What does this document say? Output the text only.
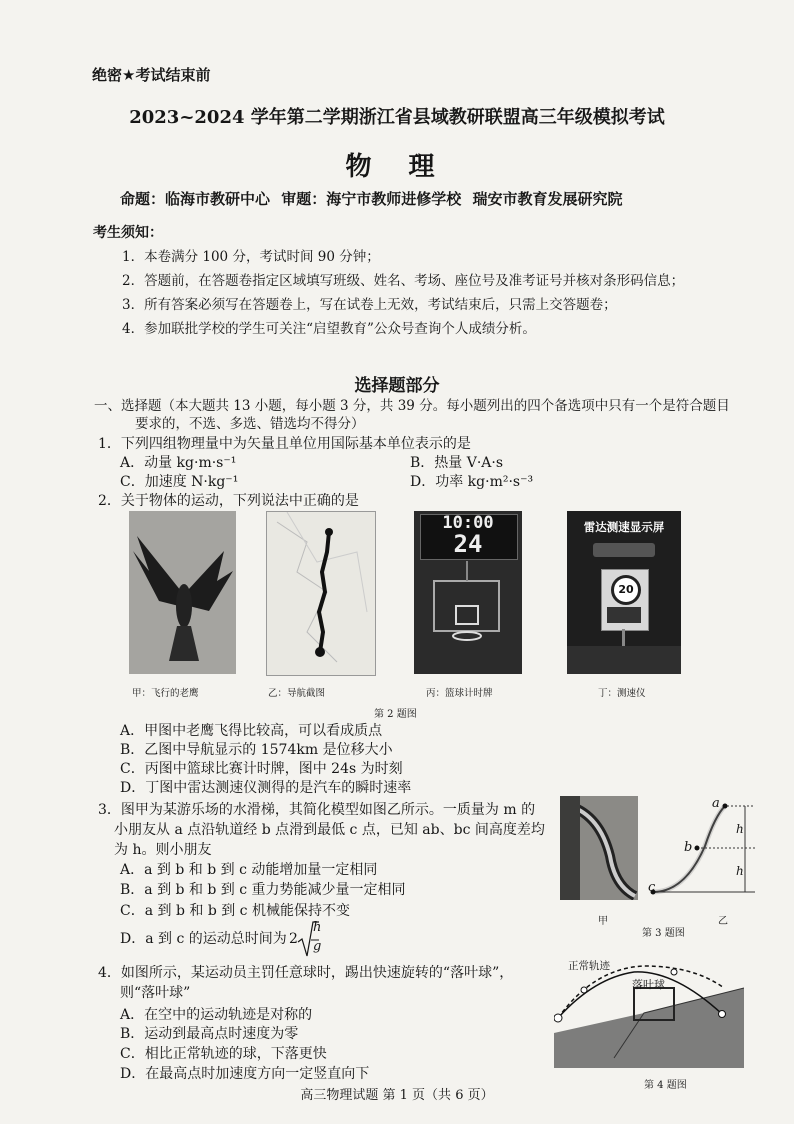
绝密★考试结束前
2023~2024 学年第二学期浙江省县域教研联盟高三年级模拟考试
物 理
命题：临海市教研中心 审题：海宁市教师进修学校 瑞安市教育发展研究院
考生须知：
1．本卷满分 100 分，考试时间 90 分钟；
2．答题前，在答题卷指定区域填写班级、姓名、考场、座位号及准考证号并核对条形码信息；
3．所有答案必须写在答题卷上，写在试卷上无效，考试结束后，只需上交答题卷；
4．参加联批学校的学生可关注“启望教育”公众号查询个人成绩分析。
选择题部分
一、选择题（本大题共 13 小题，每小题 3 分，共 39 分。每小题列出的四个备选项中只有一个是符合题目
要求的，不选、多选、错选均不得分）
1．下列四组物理量中为矢量且单位用国际基本单位表示的是
A．动量 kg·m·s⁻¹	B．热量 V·A·s
C．加速度 N·kg⁻¹	D．功率 kg·m²·s⁻³
2．关于物体的运动，下列说法中正确的是
甲：飞行的老鹰	乙：导航截图
10:00
24
丙：篮球计时牌
雷达测速显示屏
20
丁：测速仪
第 2 题图
A．甲图中老鹰飞得比较高，可以看成质点
B．乙图中导航显示的 1574km 是位移大小
C．丙图中篮球比赛计时牌，图中 24s 为时刻
D．丁图中雷达测速仪测得的是汽车的瞬时速率
3．图甲为某游乐场的水滑梯，其简化模型如图乙所示。一质量为 m 的
小朋友从 a 点沿轨道经 b 点滑到最低 c 点，已知 ab、bc 间高度差均
为 h。则小朋友
A．a 到 b 和 b 到 c 动能增加量一定相同
B．a 到 b 和 b 到 c 重力势能减少量一定相同
C．a 到 b 和 b 到 c 机械能保持不变
D．a 到 c 的运动总时间为 2
h
g
甲
a
b
c
h
h
第 3 题图
乙
4．如图所示，某运动员主罚任意球时，踢出快速旋转的“落叶球”，
则“落叶球”
A．在空中的运动轨迹是对称的
B．运动到最高点时速度为零
C．相比正常轨迹的球，下落更快
D．在最高点时加速度方向一定竖直向下
正常轨迹
落叶球
第 4 题图
高三物理试题 第 1 页（共 6 页）
